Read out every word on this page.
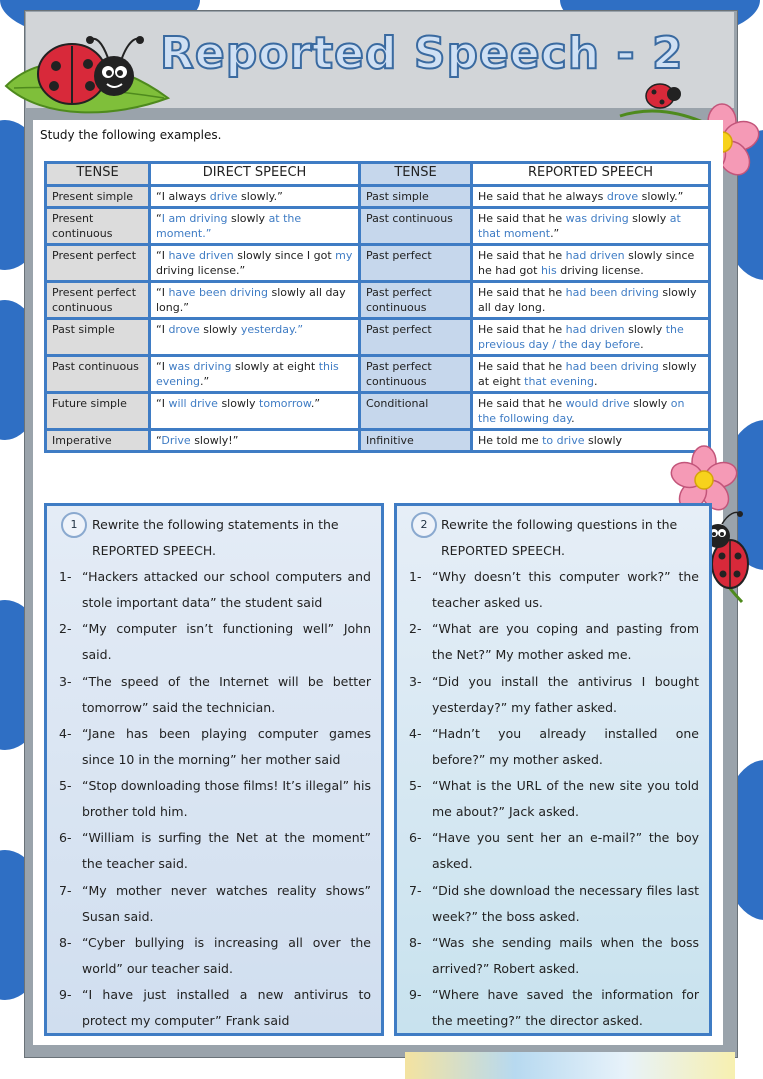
Reported Speech - 2
Study the following examples.
TENSE	DIRECT SPEECH	TENSE	REPORTED SPEECH
Present simple	“I always drive slowly.”	Past simple	He said that he always drove slowly.”
Present continuous	“I am driving slowly at the moment.”	Past continuous	He said that he was driving slowly at that moment.”
Present perfect	“I have driven slowly since I got my driving license.”	Past perfect	He said that he had driven slowly since he had got his driving license.
Present perfect continuous	“I have been driving slowly all day long.”	Past perfect continuous	He said that he had been driving slowly all day long.
Past simple	“I drove slowly yesterday.”	Past perfect	He said that he had driven slowly the previous day / the day before.
Past continuous	“I was driving slowly at eight this evening.”	Past perfect continuous	He said that he had been driving slowly at eight that evening.
Future simple	“I will drive slowly tomorrow.”	Conditional	He said that he would drive slowly on the following day.
Imperative	“Drive slowly!”	Infinitive	He told me to drive slowly
1	Rewrite the following statements in the
REPORTED SPEECH.
1- “Hackers attacked our school computers and stole important data” the student said
2- “My computer isn’t functioning well” John said.
3- “The speed of the Internet will be better tomorrow” said the technician.
4- “Jane has been playing computer games since 10 in the morning” her mother said
5- “Stop downloading those films! It’s illegal” his brother told him.
6- “William is surfing the Net at the moment” the teacher said.
7- “My mother never watches reality shows” Susan said.
8- “Cyber bullying is increasing all over the world” our teacher said.
9- “I have just installed a new antivirus to protect my computer” Frank said
2	Rewrite the following questions in the
REPORTED SPEECH.
1- “Why doesn’t this computer work?” the teacher asked us.
2- “What are you coping and pasting from the Net?” My mother asked me.
3- “Did you install the antivirus I bought yesterday?” my father asked.
4- “Hadn’t you already installed one before?” my mother asked.
5- “What is the URL of the new site you told me about?” Jack asked.
6- “Have you sent her an e-mail?” the boy asked.
7- “Did she download the necessary files last week?” the boss asked.
8- “Was she sending mails when the boss arrived?” Robert asked.
9- “Where have saved the information for the meeting?” the director asked.
